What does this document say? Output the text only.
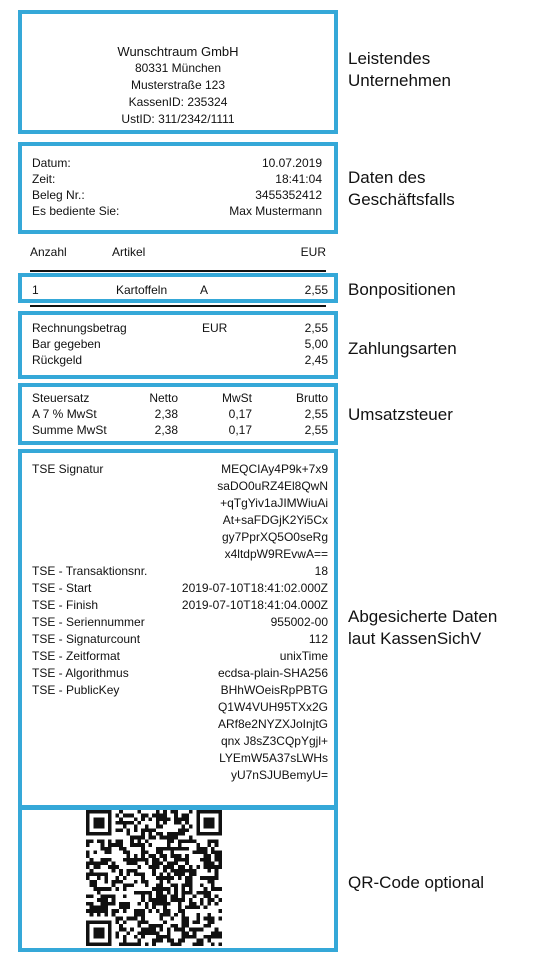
Wunschtraum GmbH
80331 München
Musterstraße 123
KassenID: 235324
UstID: 311/2342/1111
Leistendes
Unternehmen
Datum:	10.07.2019
Zeit:	18:41:04
Beleg Nr.:	3455352412
Es bediente Sie:	Max Mustermann
Daten des
Geschäftsfalls
Anzahl	Artikel	EUR
1	Kartoffeln	A	2,55 Bonpositionen
Rechnungsbetrag	EUR	2,55
Bar gegeben	5,00
Rückgeld	2,45
Zahlungsarten
Steuersatz	Netto	MwSt	Brutto
A 7 % MwSt	2,38	0,17	2,55
Summe MwSt	2,38	0,17	2,55
Umsatzsteuer
TSE Signatur	MEQCIAy4P9k+7x9
saDO0uRZ4El8QwN
+qTgYiv1aJIMWiuAi
At+saFDGjK2Yi5Cx
gy7PprXQ5O0seRg
x4ltdpW9REvwA==
TSE - Transaktionsnr.	18
TSE - Start	2019-07-10T18:41:02.000Z
TSE - Finish	2019-07-10T18:41:04.000Z
TSE - Seriennummer	955002-00
TSE - Signaturcount	112
TSE - Zeitformat	unixTime
TSE - Algorithmus	ecdsa-plain-SHA256
TSE - PublicKey	BHhWOeisRpPBTG
Q1W4VUH95TXx2G
ARf8e2NYZXJoInjtG
qnx J8sZ3CQpYgjl+
LYEmW5A37sLWHs
yU7nSJUBemyU=
Abgesicherte Daten
laut KassenSichV
QR-Code optional
